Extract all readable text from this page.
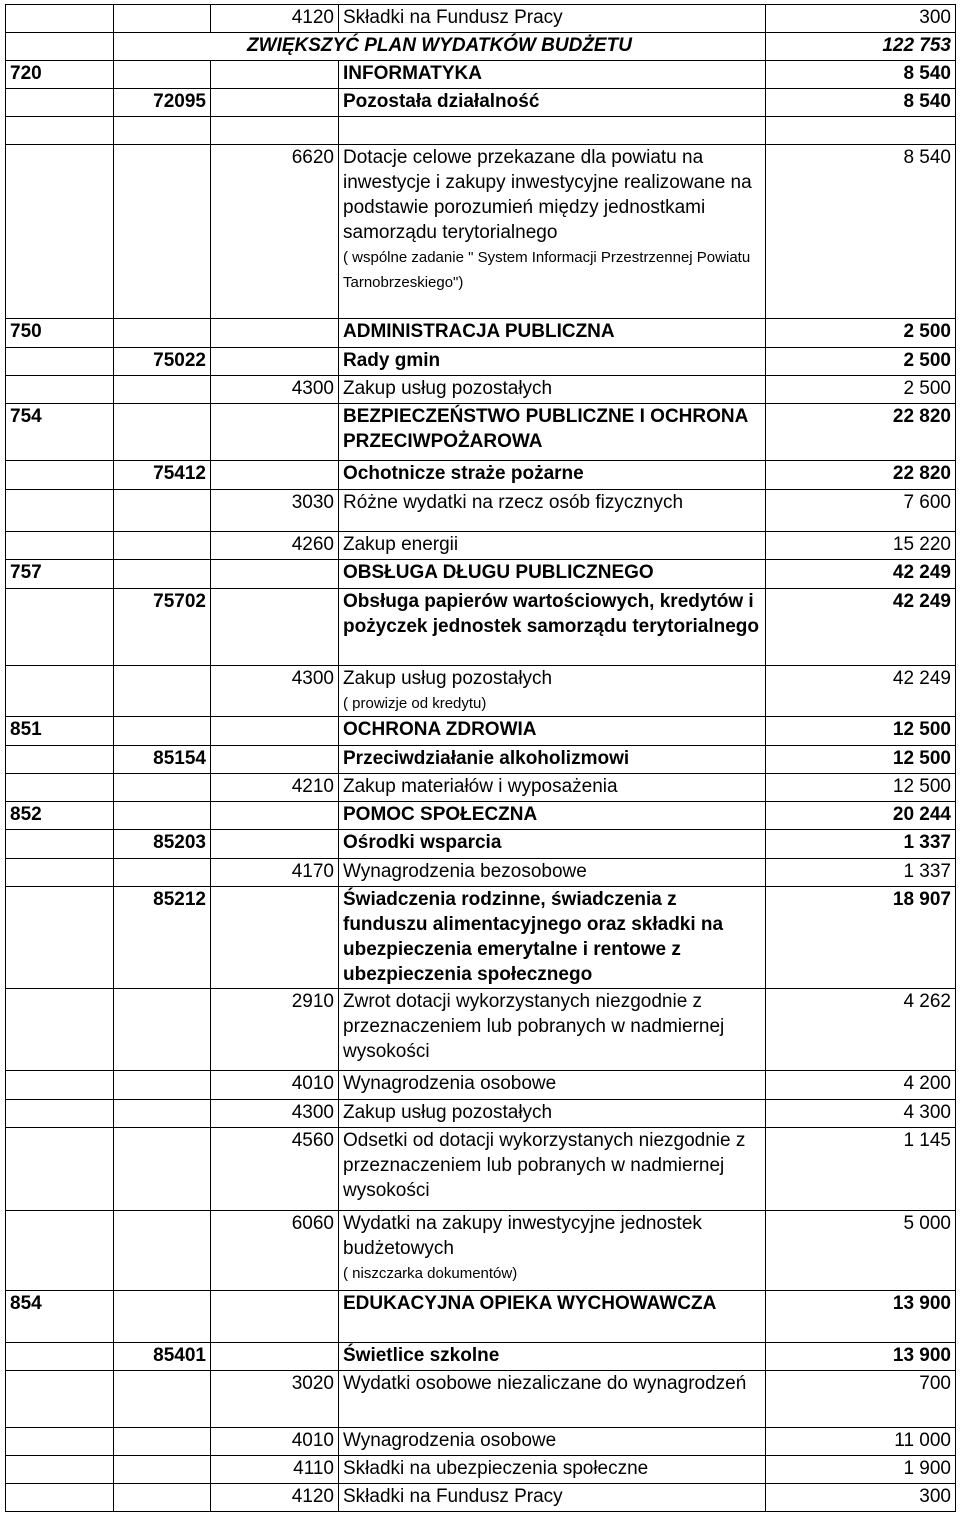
		4120	Składki na Fundusz Pracy	300
	ZWIĘKSZYĆ PLAN WYDATKÓW BUDŻETU			122 753
720			INFORMATYKA	8 540
	72095		Pozostała działalność	8 540

		6620	Dotacje celowe przekazane dla powiatu na inwestycje i zakupy inwestycyjne realizowane na podstawie porozumień między jednostkami samorządu terytorialnego
( wspólne zadanie " System Informacji Przestrzennej Powiatu Tarnobrzeskiego")	8 540
750			ADMINISTRACJA PUBLICZNA	2 500
	75022		Rady gmin	2 500
		4300	Zakup usług pozostałych	2 500
754			BEZPIECZEŃSTWO PUBLICZNE I OCHRONA PRZECIWPOŻAROWA	22 820
	75412		Ochotnicze straże pożarne	22 820
		3030	Różne wydatki na rzecz osób fizycznych	7 600
		4260	Zakup energii	15 220
757			OBSŁUGA DŁUGU PUBLICZNEGO	42 249
	75702		Obsługa papierów wartościowych, kredytów i pożyczek jednostek samorządu terytorialnego	42 249
		4300	Zakup usług pozostałych
( prowizje od kredytu)	42 249
851			OCHRONA ZDROWIA	12 500
	85154		Przeciwdziałanie alkoholizmowi	12 500
		4210	Zakup materiałów i wyposażenia	12 500
852			POMOC SPOŁECZNA	20 244
	85203		Ośrodki wsparcia	1 337
		4170	Wynagrodzenia bezosobowe	1 337
	85212		Świadczenia rodzinne, świadczenia z funduszu alimentacyjnego oraz składki na ubezpieczenia emerytalne i rentowe z ubezpieczenia społecznego	18 907
		2910	Zwrot dotacji wykorzystanych niezgodnie z przeznaczeniem lub pobranych w nadmiernej wysokości	4 262
		4010	Wynagrodzenia osobowe	4 200
		4300	Zakup usług pozostałych	4 300
		4560	Odsetki od dotacji wykorzystanych niezgodnie z przeznaczeniem lub pobranych w nadmiernej wysokości	1 145
		6060	Wydatki na zakupy inwestycyjne jednostek budżetowych
( niszczarka dokumentów)	5 000
854			EDUKACYJNA OPIEKA WYCHOWAWCZA	13 900
	85401		Świetlice szkolne	13 900
		3020	Wydatki osobowe niezaliczane do wynagrodzeń	700
		4010	Wynagrodzenia osobowe	11 000
		4110	Składki na ubezpieczenia społeczne	1 900
		4120	Składki na Fundusz Pracy	300
